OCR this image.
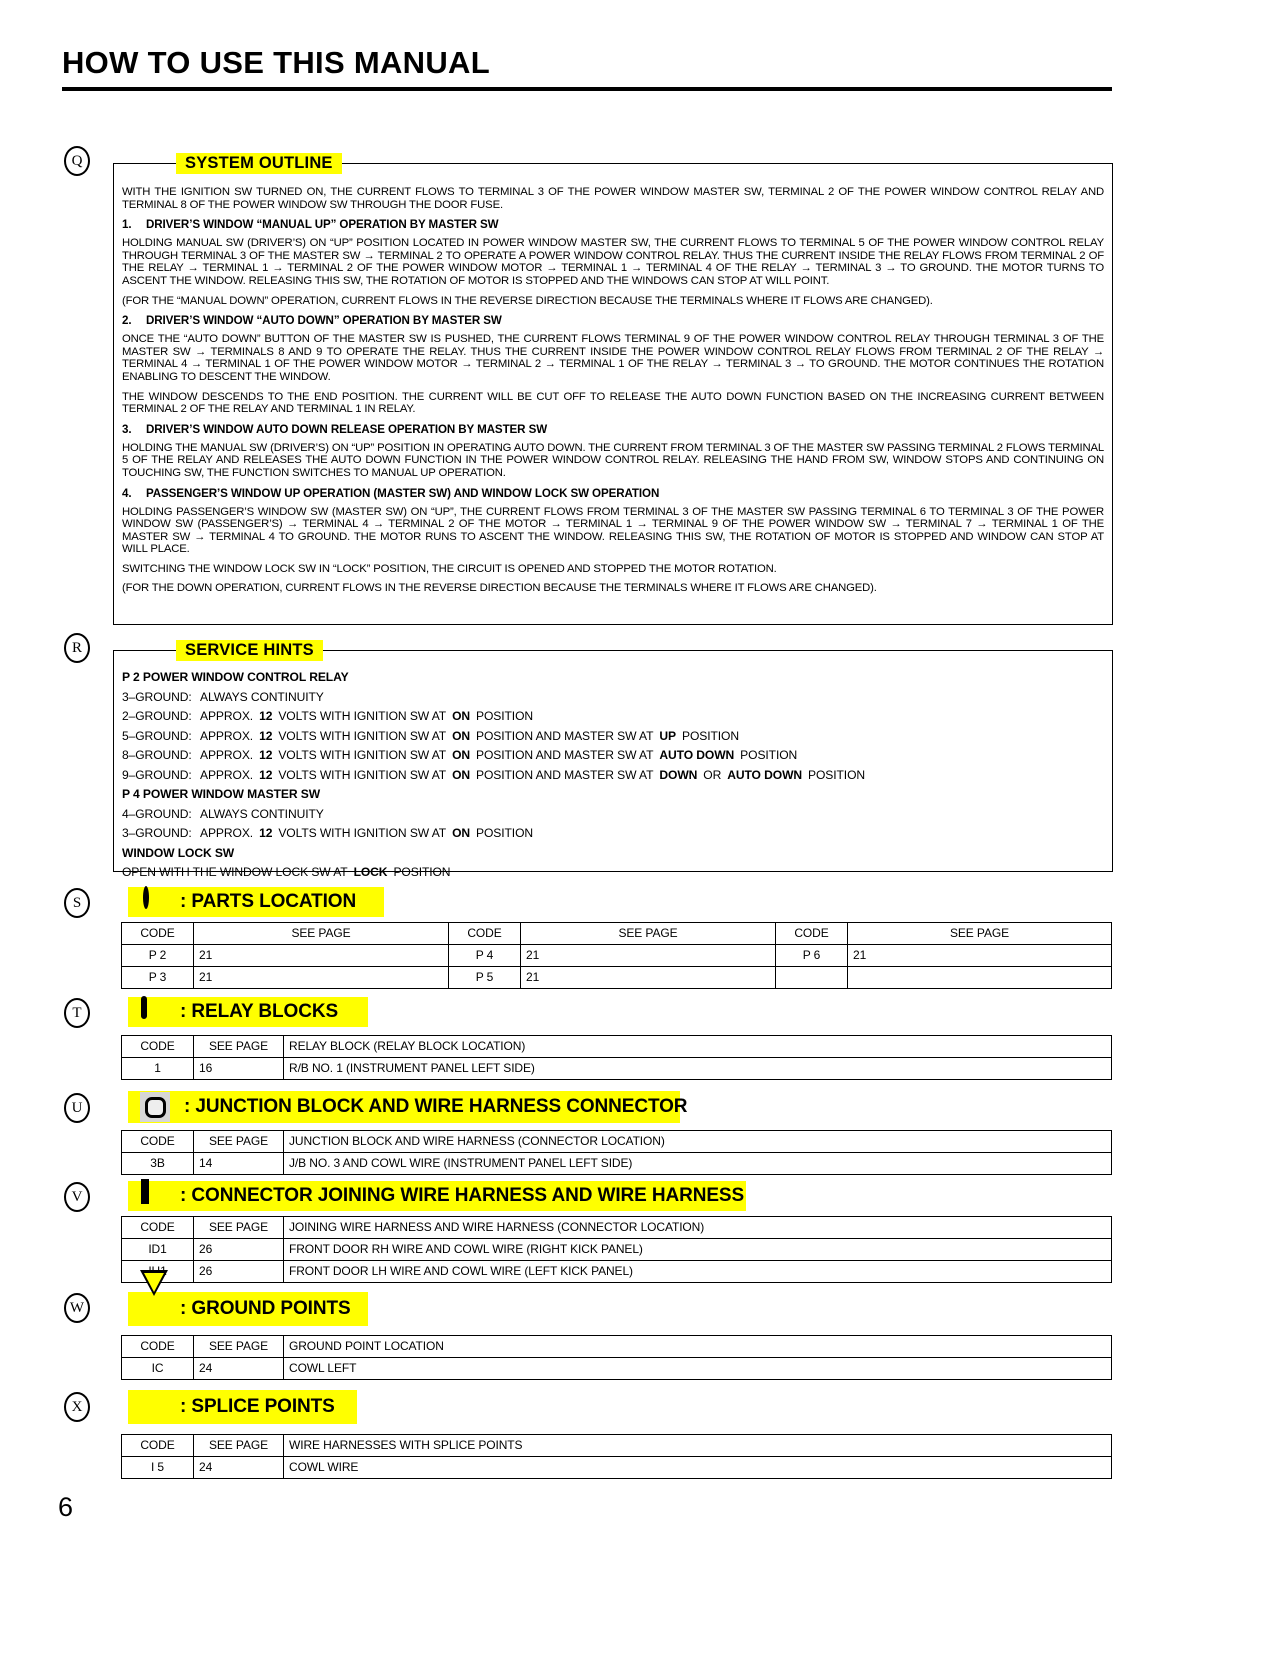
HOW TO USE THIS MANUAL
Q	SYSTEM OUTLINE

WITH THE IGNITION SW TURNED ON, THE CURRENT FLOWS TO TERMINAL 3 OF THE POWER WINDOW MASTER SW, TERMINAL 2 OF THE POWER WINDOW CONTROL RELAY AND TERMINAL 8 OF THE POWER WINDOW SW THROUGH THE DOOR FUSE.

1. DRIVER’S WINDOW “MANUAL UP” OPERATION BY MASTER SW

HOLDING MANUAL SW (DRIVER’S) ON “UP” POSITION LOCATED IN POWER WINDOW MASTER SW, THE CURRENT FLOWS TO TERMINAL 5 OF THE POWER WINDOW CONTROL RELAY THROUGH TERMINAL 3 OF THE MASTER SW → TERMINAL 2 TO OPERATE A POWER WINDOW CONTROL RELAY. THUS THE CURRENT INSIDE THE RELAY FLOWS FROM TERMINAL 2 OF THE RELAY → TERMINAL 1 → TERMINAL 2 OF THE POWER WINDOW MOTOR → TERMINAL 1 → TERMINAL 4 OF THE RELAY → TERMINAL 3 → TO GROUND. THE MOTOR TURNS TO ASCENT THE WINDOW. RELEASING THIS SW, THE ROTATION OF MOTOR IS STOPPED AND THE WINDOWS CAN STOP AT WILL POINT.

(FOR THE “MANUAL DOWN” OPERATION, CURRENT FLOWS IN THE REVERSE DIRECTION BECAUSE THE TERMINALS WHERE IT FLOWS ARE CHANGED).

2. DRIVER’S WINDOW “AUTO DOWN” OPERATION BY MASTER SW

ONCE THE “AUTO DOWN” BUTTON OF THE MASTER SW IS PUSHED, THE CURRENT FLOWS TERMINAL 9 OF THE POWER WINDOW CONTROL RELAY THROUGH TERMINAL 3 OF THE MASTER SW → TERMINALS 8 AND 9 TO OPERATE THE RELAY. THUS THE CURRENT INSIDE THE POWER WINDOW CONTROL RELAY FLOWS FROM TERMINAL 2 OF THE RELAY → TERMINAL 4 → TERMINAL 1 OF THE POWER WINDOW MOTOR → TERMINAL 2 → TERMINAL 1 OF THE RELAY → TERMINAL 3 → TO GROUND. THE MOTOR CONTINUES THE ROTATION ENABLING TO DESCENT THE WINDOW.

THE WINDOW DESCENDS TO THE END POSITION. THE CURRENT WILL BE CUT OFF TO RELEASE THE AUTO DOWN FUNCTION BASED ON THE INCREASING CURRENT BETWEEN TERMINAL 2 OF THE RELAY AND TERMINAL 1 IN RELAY.

3. DRIVER’S WINDOW AUTO DOWN RELEASE OPERATION BY MASTER SW

HOLDING THE MANUAL SW (DRIVER’S) ON “UP” POSITION IN OPERATING AUTO DOWN. THE CURRENT FROM TERMINAL 3 OF THE MASTER SW PASSING TERMINAL 2 FLOWS TERMINAL 5 OF THE RELAY AND RELEASES THE AUTO DOWN FUNCTION IN THE POWER WINDOW CONTROL RELAY. RELEASING THE HAND FROM SW, WINDOW STOPS AND CONTINUING ON TOUCHING SW, THE FUNCTION SWITCHES TO MANUAL UP OPERATION.

4. PASSENGER’S WINDOW UP OPERATION (MASTER SW) AND WINDOW LOCK SW OPERATION

HOLDING PASSENGER’S WINDOW SW (MASTER SW) ON “UP”, THE CURRENT FLOWS FROM TERMINAL 3 OF THE MASTER SW PASSING TERMINAL 6 TO TERMINAL 3 OF THE POWER WINDOW SW (PASSENGER’S) → TERMINAL 4 → TERMINAL 2 OF THE MOTOR → TERMINAL 1 → TERMINAL 9 OF THE POWER WINDOW SW → TERMINAL 7 → TERMINAL 1 OF THE MASTER SW → TERMINAL 4 TO GROUND. THE MOTOR RUNS TO ASCENT THE WINDOW. RELEASING THIS SW, THE ROTATION OF MOTOR IS STOPPED AND WINDOW CAN STOP AT WILL PLACE.

SWITCHING THE WINDOW LOCK SW IN “LOCK” POSITION, THE CIRCUIT IS OPENED AND STOPPED THE MOTOR ROTATION.

(FOR THE DOWN OPERATION, CURRENT FLOWS IN THE REVERSE DIRECTION BECAUSE THE TERMINALS WHERE IT FLOWS ARE CHANGED).

R	SERVICE HINTS

P 2 POWER WINDOW CONTROL RELAY

3–GROUND: ALWAYS CONTINUITY

2–GROUND: APPROX. 12 VOLTS WITH IGNITION SW AT ON POSITION

5–GROUND: APPROX. 12 VOLTS WITH IGNITION SW AT ON POSITION AND MASTER SW AT UP POSITION

8–GROUND: APPROX. 12 VOLTS WITH IGNITION SW AT ON POSITION AND MASTER SW AT AUTO DOWN POSITION

9–GROUND: APPROX. 12 VOLTS WITH IGNITION SW AT ON POSITION AND MASTER SW AT DOWN OR AUTO DOWN POSITION

P 4 POWER WINDOW MASTER SW

4–GROUND: ALWAYS CONTINUITY

3–GROUND: APPROX. 12 VOLTS WITH IGNITION SW AT ON POSITION

WINDOW LOCK SW

OPEN WITH THE WINDOW LOCK SW AT LOCK POSITION

S	: PARTS LOCATION
CODE	SEE PAGE	CODE	SEE PAGE	CODE	SEE PAGE
P 2	21	P 4	21	P 6	21
P 3	21	P 5	21		
T	: RELAY BLOCKS
CODE	SEE PAGE	RELAY BLOCK (RELAY BLOCK LOCATION)
1	16	R/B NO. 1 (INSTRUMENT PANEL LEFT SIDE)
U	: JUNCTION BLOCK AND WIRE HARNESS CONNECTOR
CODE	SEE PAGE	JUNCTION BLOCK AND WIRE HARNESS (CONNECTOR LOCATION)
3B	14	J/B NO. 3 AND COWL WIRE (INSTRUMENT PANEL LEFT SIDE)
V	: CONNECTOR JOINING WIRE HARNESS AND WIRE HARNESS
CODE	SEE PAGE	JOINING WIRE HARNESS AND WIRE HARNESS (CONNECTOR LOCATION)
ID1	26	FRONT DOOR RH WIRE AND COWL WIRE (RIGHT KICK PANEL)
IH1	26	FRONT DOOR LH WIRE AND COWL WIRE (LEFT KICK PANEL)
W	: GROUND POINTS
CODE	SEE PAGE	GROUND POINT LOCATION
IC	24	COWL LEFT
X	: SPLICE POINTS
CODE	SEE PAGE	WIRE HARNESSES WITH SPLICE POINTS
I 5	24	COWL WIRE
6
